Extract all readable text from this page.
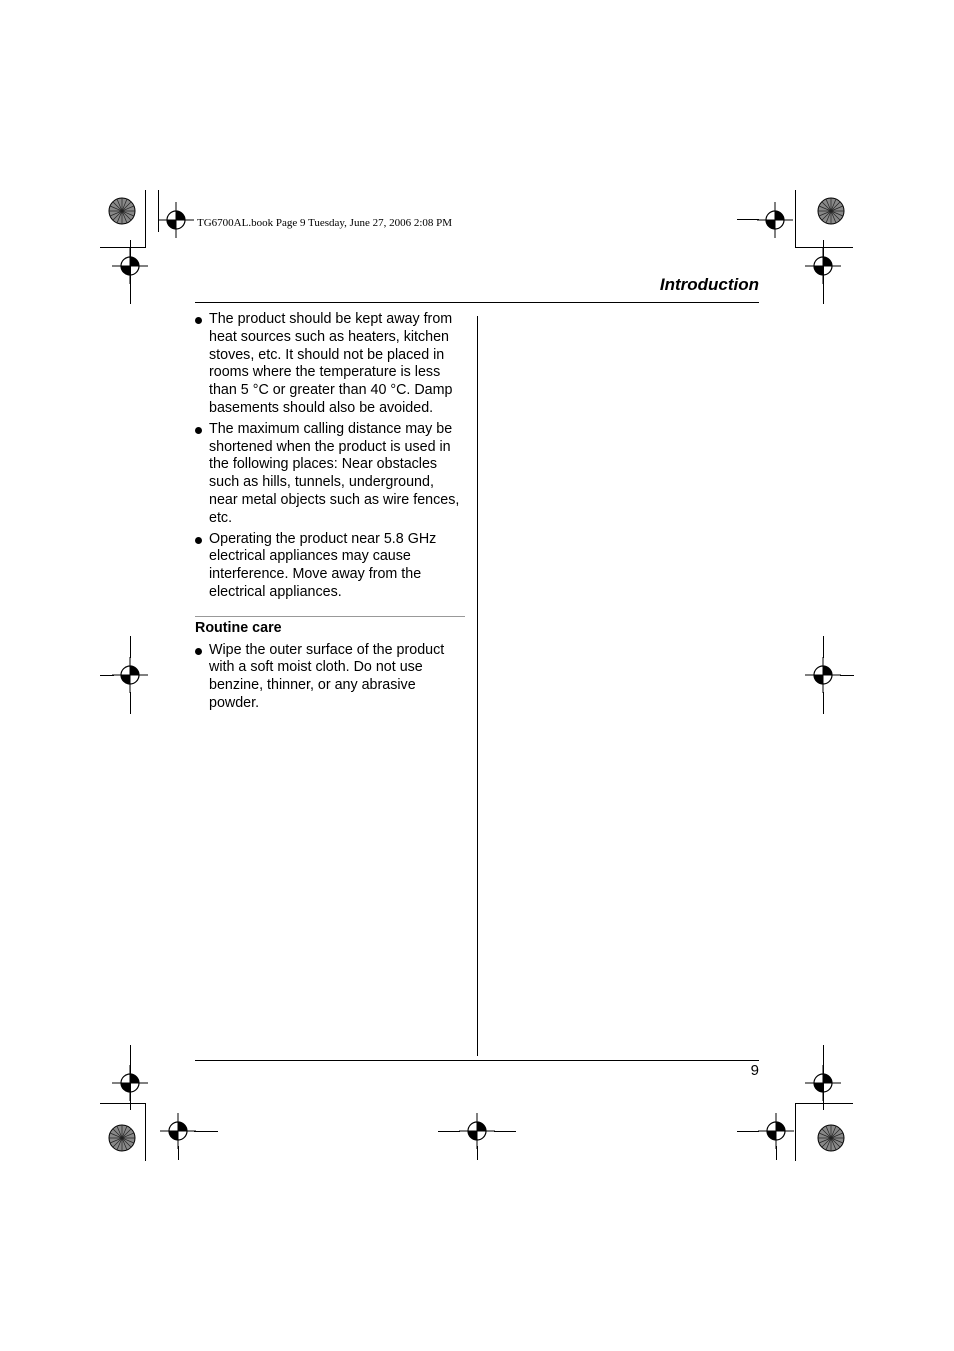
TG6700AL.book Page 9 Tuesday, June 27, 2006 2:08 PM
Introduction
The product should be kept away from heat sources such as heaters, kitchen stoves, etc. It should not be placed in rooms where the temperature is less than 5 °C or greater than 40 °C. Damp basements should also be avoided.
The maximum calling distance may be shortened when the product is used in the following places: Near obstacles such as hills, tunnels, underground, near metal objects such as wire fences, etc.
Operating the product near 5.8 GHz electrical appliances may cause interference. Move away from the electrical appliances.
Routine care
Wipe the outer surface of the product with a soft moist cloth. Do not use benzine, thinner, or any abrasive powder.
9
